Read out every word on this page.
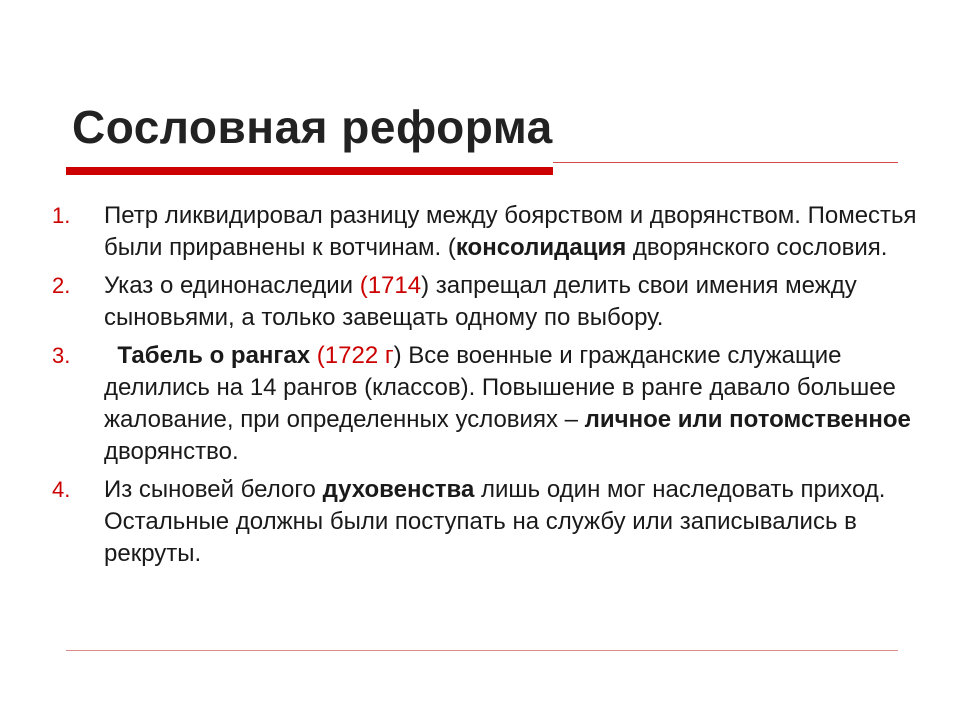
Сословная реформа
1. Петр ликвидировал разницу между боярством и дворянством. Поместья были приравнены к вотчинам. (консолидация дворянского сословия.
2. Указ о единонаследии (1714) запрещал делить свои имения между сыновьями, а только завещать одному по выбору.
3. Табель о рангах (1722 г) Все военные и гражданские служащие делились на 14 рангов (классов). Повышение в ранге давало большее жалование, при определенных условиях – личное или потомственное дворянство.
4. Из сыновей белого духовенства лишь один мог наследовать приход. Остальные должны были поступать на службу или записывались в рекруты.
